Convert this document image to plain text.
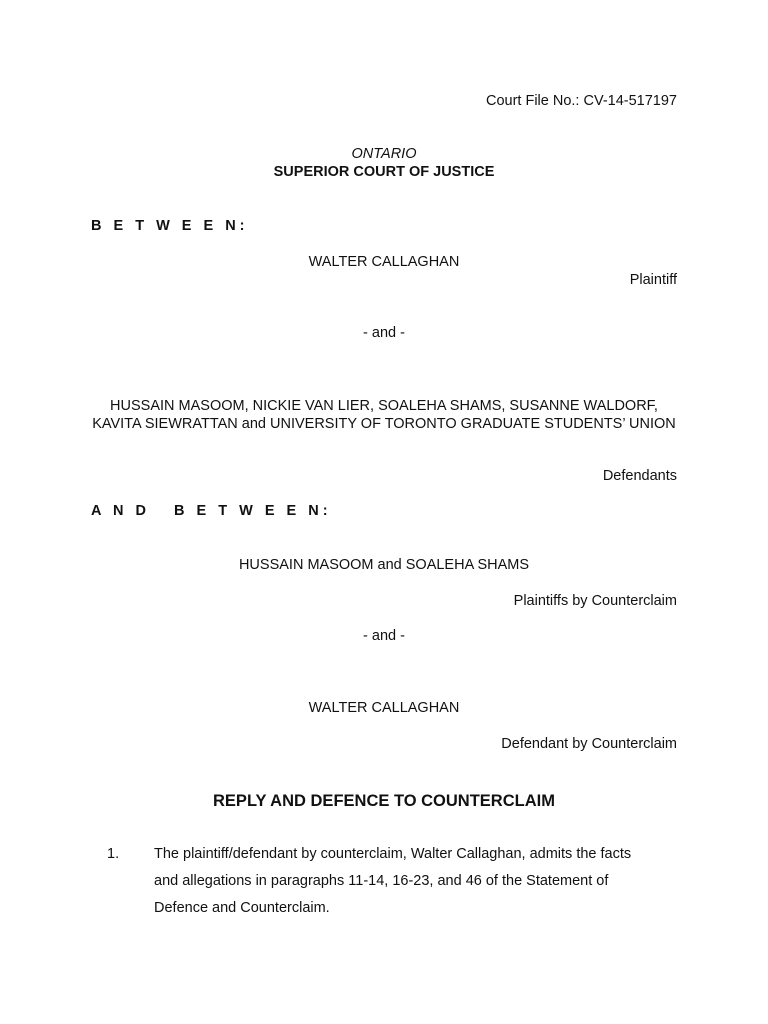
Court File No.: CV-14-517197
ONTARIO
SUPERIOR COURT OF JUSTICE
B E T W E E N:
WALTER CALLAGHAN
Plaintiff
- and -
HUSSAIN MASOOM, NICKIE VAN LIER, SOALEHA SHAMS, SUSANNE WALDORF, KAVITA SIEWRATTAN and UNIVERSITY OF TORONTO GRADUATE STUDENTS’ UNION
Defendants
A N D   B E T W E E N:
HUSSAIN MASOOM and SOALEHA SHAMS
Plaintiffs by Counterclaim
- and -
WALTER CALLAGHAN
Defendant by Counterclaim
REPLY AND DEFENCE TO COUNTERCLAIM
1. The plaintiff/defendant by counterclaim, Walter Callaghan, admits the facts and allegations in paragraphs 11-14, 16-23, and 46 of the Statement of Defence and Counterclaim.
